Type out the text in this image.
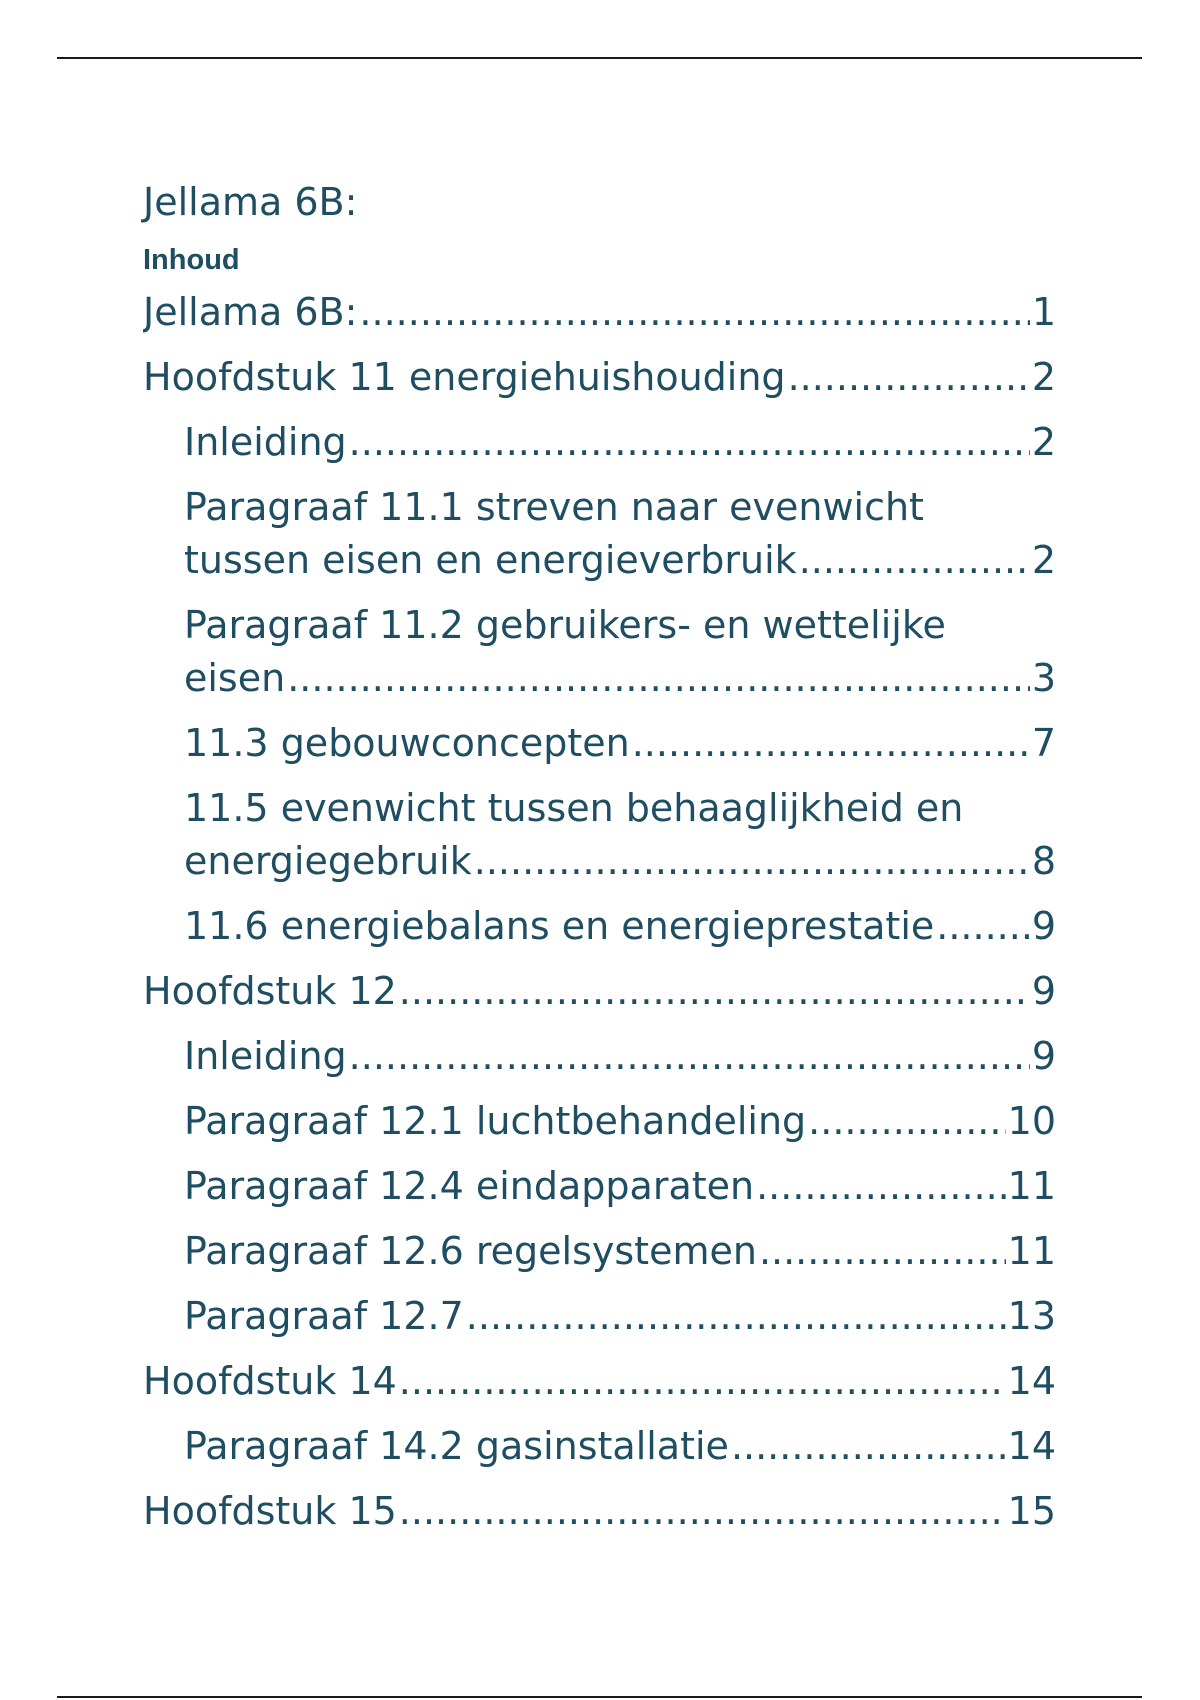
Jellama 6B:
Inhoud
Jellama 6B: .....	1
Hoofdstuk 11 energiehuishouding .....	2
Inleiding .....	2
Paragraaf 11.1 streven naar evenwicht
tussen eisen en energieverbruik .....	2
Paragraaf 11.2 gebruikers- en wettelijke
eisen .....	3
11.3 gebouwconcepten .....	7
11.5 evenwicht tussen behaaglijkheid en
energiegebruik .....	8
11.6 energiebalans en energieprestatie .....	9
Hoofdstuk 12 .....	9
Inleiding .....	9
Paragraaf 12.1 luchtbehandeling .....	10
Paragraaf 12.4 eindapparaten .....	11
Paragraaf 12.6 regelsystemen .....	11
Paragraaf 12.7 .....	13
Hoofdstuk 14 .....	14
Paragraaf 14.2 gasinstallatie .....	14
Hoofdstuk 15 .....	15
